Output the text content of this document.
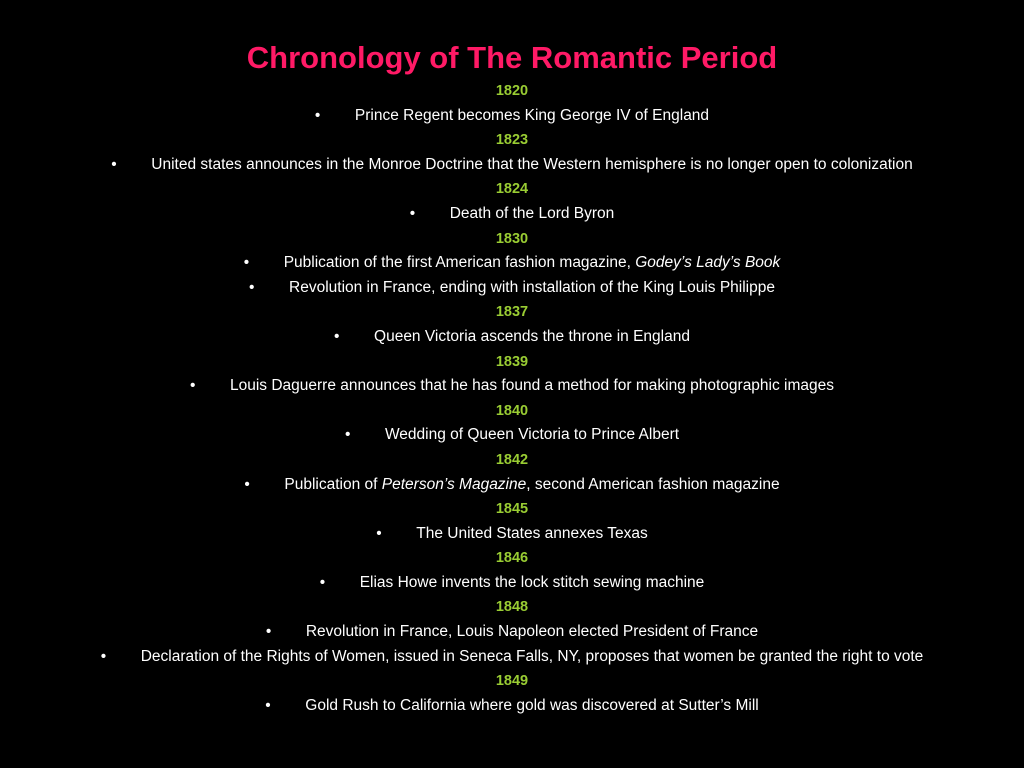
Chronology of The Romantic Period
1820
• Prince Regent becomes King George IV of England
1823
• United states announces in the Monroe Doctrine that the Western hemisphere is no longer open to colonization
1824
• Death of the Lord Byron
1830
• Publication of the first American fashion magazine, Godey’s Lady’s Book
• Revolution in France, ending with installation of the King Louis Philippe
1837
• Queen Victoria ascends the throne in England
1839
• Louis Daguerre announces that he has found a method for making photographic images
1840
• Wedding of Queen Victoria to Prince Albert
1842
• Publication of Peterson’s Magazine, second American fashion magazine
1845
• The United States annexes Texas
1846
• Elias Howe invents the lock stitch sewing machine
1848
• Revolution in France, Louis Napoleon elected President of France
• Declaration of the Rights of Women, issued in Seneca Falls, NY, proposes that women be granted the right to vote
1849
• Gold Rush to California where gold was discovered at Sutter’s Mill
